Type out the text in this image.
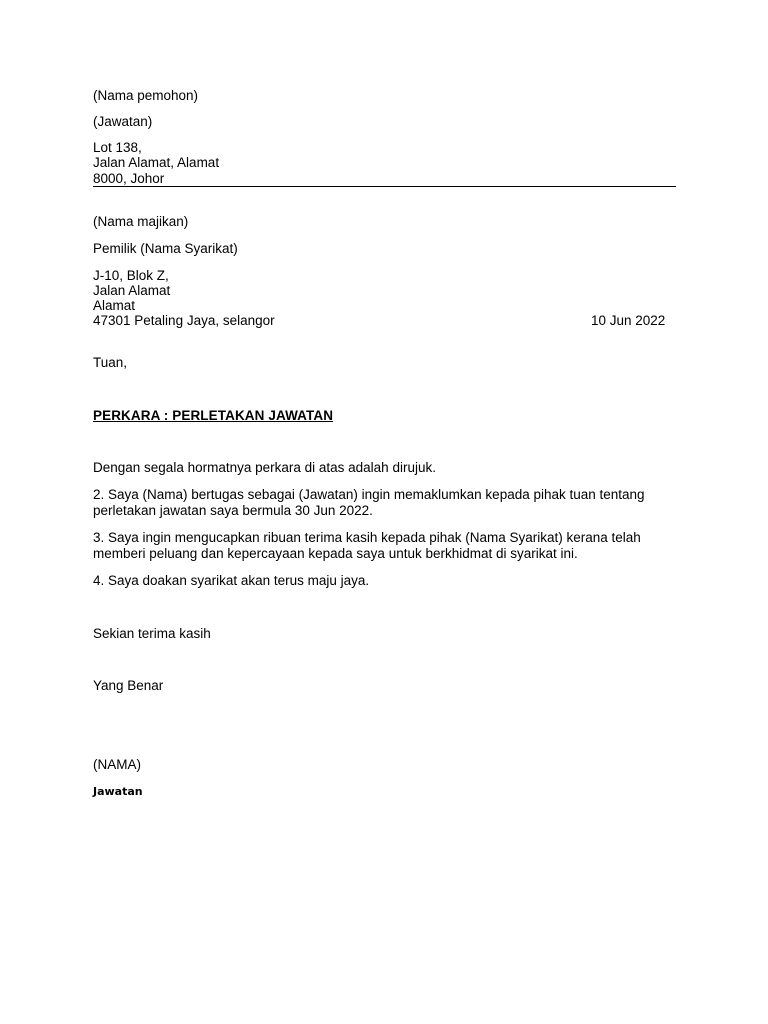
(Nama pemohon)
(Jawatan)
Lot 138,
Jalan Alamat, Alamat
8000, Johor
(Nama majikan)
Pemilik (Nama Syarikat)
J-10, Blok Z,
Jalan Alamat
Alamat
47301 Petaling Jaya, selangor	10 Jun 2022
Tuan,
PERKARA : PERLETAKAN JAWATAN
Dengan segala hormatnya perkara di atas adalah dirujuk.
2. Saya (Nama) bertugas sebagai (Jawatan) ingin memaklumkan kepada pihak tuan tentang
perletakan jawatan saya bermula 30 Jun 2022.
3. Saya ingin mengucapkan ribuan terima kasih kepada pihak (Nama Syarikat) kerana telah
memberi peluang dan kepercayaan kepada saya untuk berkhidmat di syarikat ini.
4. Saya doakan syarikat akan terus maju jaya.
Sekian terima kasih
Yang Benar
(NAMA)
Jawatan
